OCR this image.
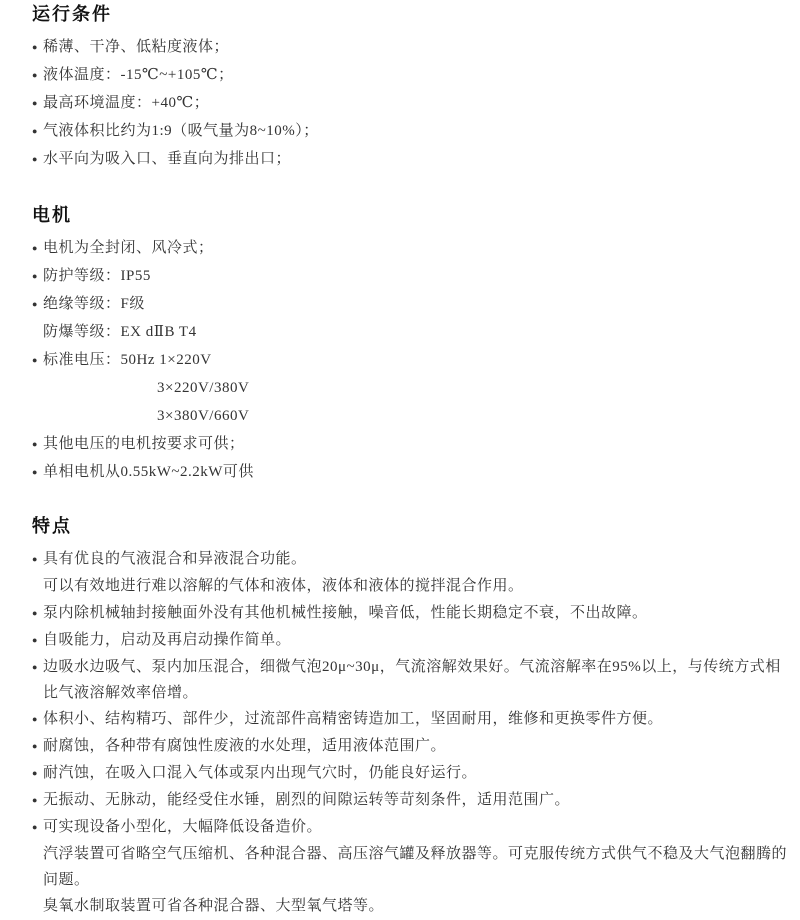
运行条件
● 稀薄、干净、低粘度液体；
● 液体温度：-15℃~+105℃；
● 最高环境温度：+40℃；
● 气液体积比约为1:9（吸气量为8~10%）；
● 水平向为吸入口、垂直向为排出口；
电机
● 电机为全封闭、风冷式；
● 防护等级：IP55
● 绝缘等级：F级
防爆等级：EX dⅡB T4
● 标准电压：50Hz 1×220V
3×220V/380V
3×380V/660V
● 其他电压的电机按要求可供；
● 单相电机从0.55kW~2.2kW可供
特点
● 具有优良的气液混合和异液混合功能。
可以有效地进行难以溶解的气体和液体，液体和液体的搅拌混合作用。
● 泵内除机械轴封接触面外没有其他机械性接触，噪音低，性能长期稳定不衰，不出故障。
● 自吸能力，启动及再启动操作简单。
● 边吸水边吸气、泵内加压混合，细微气泡20μ~30μ，气流溶解效果好。气流溶解率在95%以上，与传统方式相比气液溶解效率倍增。
● 体积小、结构精巧、部件少，过流部件高精密铸造加工，坚固耐用，维修和更换零件方便。
● 耐腐蚀，各种带有腐蚀性废液的水处理，适用液体范围广。
● 耐汽蚀，在吸入口混入气体或泵内出现气穴时，仍能良好运行。
● 无振动、无脉动，能经受住水锤，剧烈的间隙运转等苛刻条件，适用范围广。
● 可实现设备小型化，大幅降低设备造价。
汽浮装置可省略空气压缩机、各种混合器、高压溶气罐及释放器等。可克服传统方式供气不稳及大气泡翻腾的问题。
臭氧水制取装置可省各种混合器、大型氧气塔等。
